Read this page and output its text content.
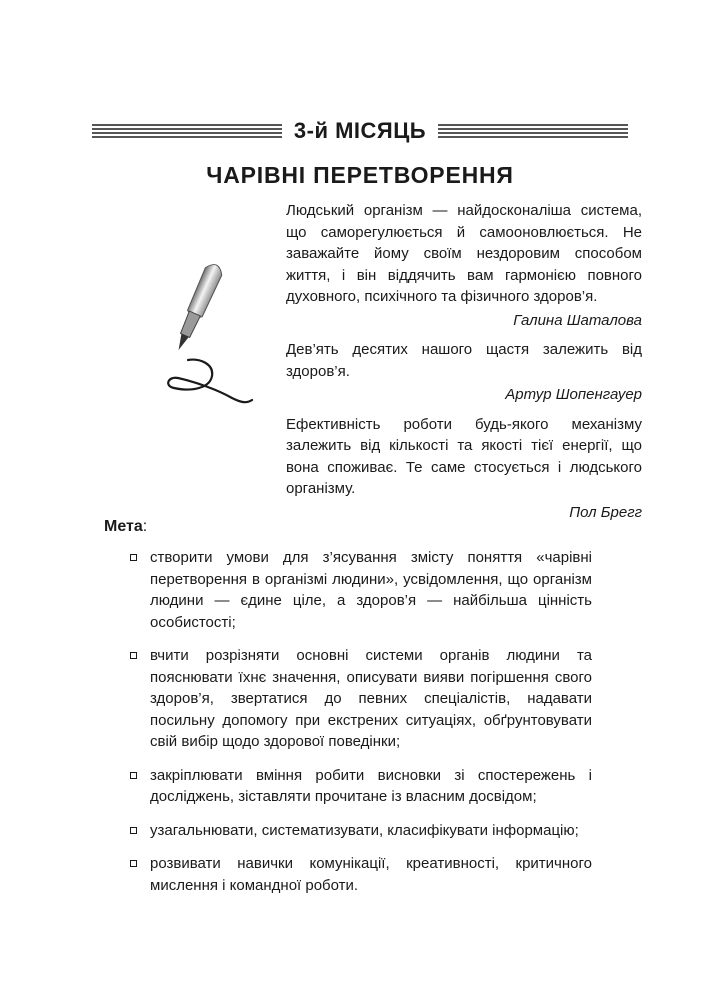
3-й МІСЯЦЬ
ЧАРІВНІ ПЕРЕТВОРЕННЯ

Людський організм — найдосконаліша система, що саморегулюється й самооновлюється. Не заважайте йому своїм нездоровим способом життя, і він віддячить вам гармонією повного духовного, психічного та фізичного здоров’я.

Галина Шаталова

Дев’ять десятих нашого щастя залежить від здоров’я.

Артур Шопенгауер

Ефективність роботи будь-якого механізму залежить від кількості та якості тієї енергії, що вона споживає. Те саме стосується і людського організму.

Пол Брегг

Мета:
створити умови для з’ясування змісту поняття «чарівні перетворення в організмі людини», усвідомлення, що організм людини — єдине ціле, а здоров’я — найбільша цінність особистості;
вчити розрізняти основні системи органів людини та пояснювати їхнє значення, описувати вияви погіршення свого здоров’я, звертатися до певних спеціалістів, надавати посильну допомогу при екстрених ситуаціях, обґрунтовувати свій вибір щодо здорової поведінки;
закріплювати вміння робити висновки зі спостережень і досліджень, зіставляти прочитане із власним досвідом;
узагальнювати, систематизувати, класифікувати інформацію;
розвивати навички комунікації, креативності, критичного мислення і командної роботи.
